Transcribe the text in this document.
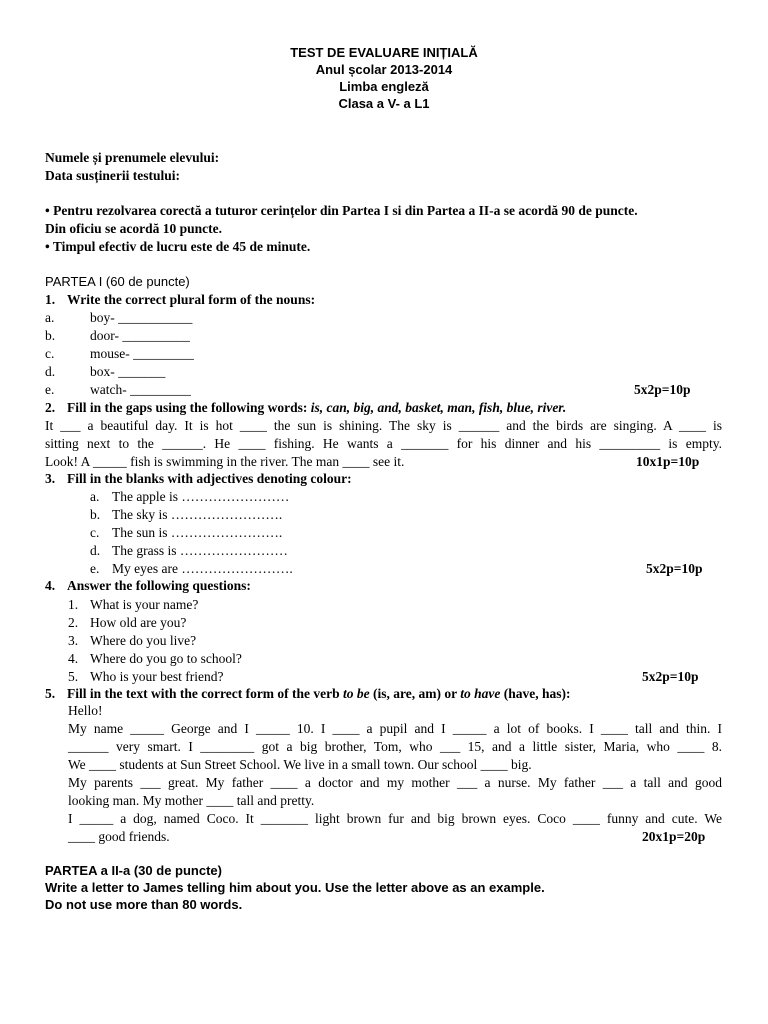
TEST DE EVALUARE INIȚIALĂ
Anul școlar 2013-2014
Limba engleză
Clasa a V- a L1
Numele și prenumele elevului:
Data susținerii testului:
• Pentru rezolvarea corectă a tuturor cerințelor din Partea I si din Partea a II-a se acordă 90 de puncte.
Din oficiu se acordă 10 puncte.
• Timpul efectiv de lucru este de 45 de minute.
PARTEA I (60 de puncte)
1. Write the correct plural form of the nouns:
a.	boy- ___________
b.	door- __________
c.	mouse- _________
d.	box- _______
e.	watch- _________	5x2p=10p
2. Fill in the gaps using the following words: is, can, big, and, basket, man, fish, blue, river.
It ___ a beautiful day. It is hot ____ the sun is shining. The sky is ______ and the birds are singing. A ____ is
sitting next to the ______. He ____ fishing. He wants a _______ for his dinner and his _________ is empty.
Look! A _____ fish is swimming in the river. The man ____ see it.	10x1p=10p
3. Fill in the blanks with adjectives denoting colour:
a. The apple is ……………………
b. The sky is …………………….
c. The sun is …………………….
d. The grass is ……………………
e. My eyes are …………………….	5x2p=10p
4. Answer the following questions:
1. What is your name?
2. How old are you?
3. Where do you live?
4. Where do you go to school?
5. Who is your best friend?	5x2p=10p
5. Fill in the text with the correct form of the verb to be (is, are, am) or to have (have, has):
Hello!
My name _____ George and I _____ 10. I ____ a pupil and I _____ a lot of books. I ____ tall and thin. I
______ very smart. I ________ got a big brother, Tom, who ___ 15, and a little sister, Maria, who ____ 8.
We ____ students at Sun Street School. We live in a small town. Our school ____ big.
My parents ___ great. My father ____ a doctor and my mother ___ a nurse. My father ___ a tall and good
looking man. My mother ____ tall and pretty.
I _____ a dog, named Coco. It _______ light brown fur and big brown eyes. Coco ____ funny and cute. We
____ good friends.	20x1p=20p
PARTEA a II-a (30 de puncte)
Write a letter to James telling him about you. Use the letter above as an example.
Do not use more than 80 words.
